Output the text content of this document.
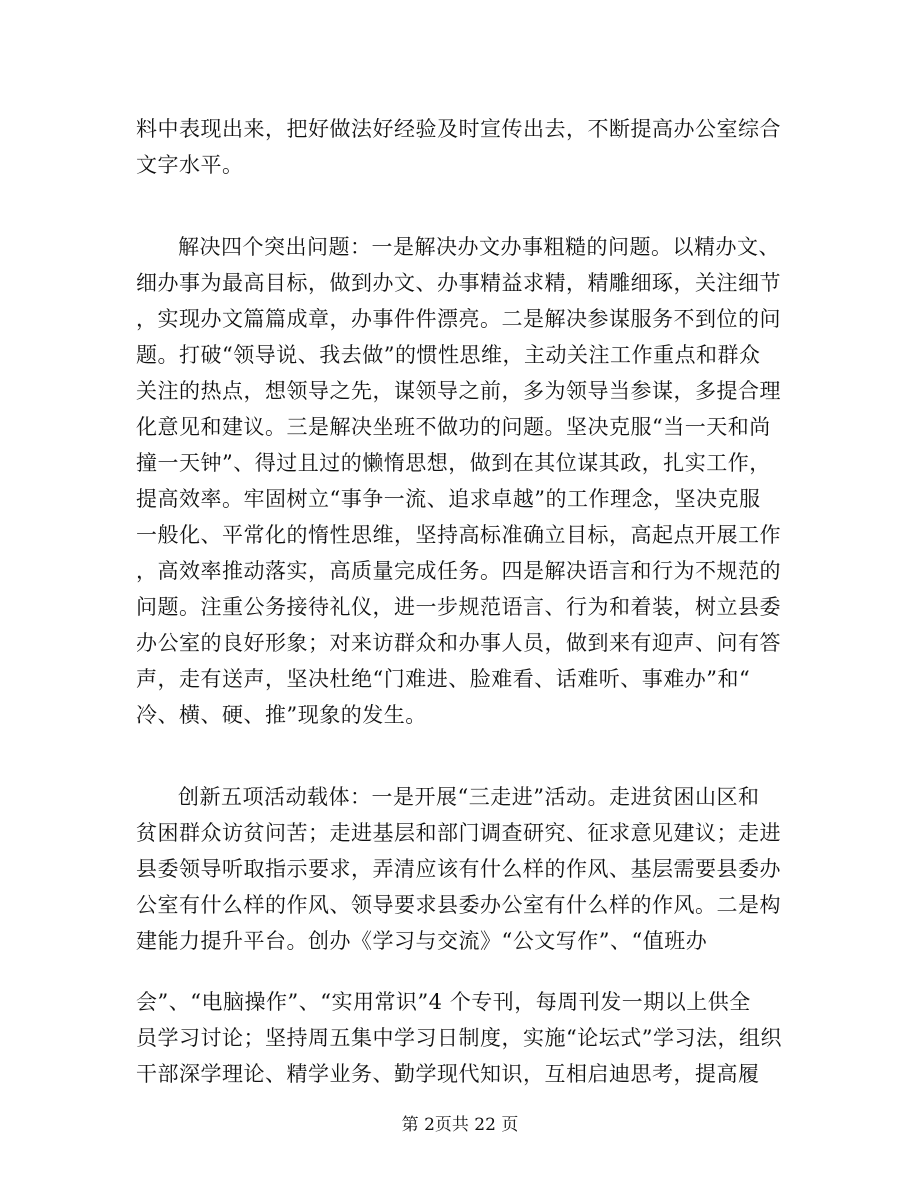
料中表现出来，把好做法好经验及时宣传出去，不断提高办公室综合
文字水平。
解决四个突出问题：一是解决办文办事粗糙的问题。以精办文、
细办事为最高目标，做到办文、办事精益求精，精雕细琢，关注细节
，实现办文篇篇成章，办事件件漂亮。二是解决参谋服务不到位的问
题。打破“领导说、我去做”的惯性思维，主动关注工作重点和群众
关注的热点，想领导之先，谋领导之前，多为领导当参谋，多提合理
化意见和建议。三是解决坐班不做功的问题。坚决克服“当一天和尚
撞一天钟”、得过且过的懒惰思想，做到在其位谋其政，扎实工作，
提高效率。牢固树立“事争一流、追求卓越”的工作理念，坚决克服
一般化、平常化的惰性思维，坚持高标准确立目标，高起点开展工作
，高效率推动落实，高质量完成任务。四是解决语言和行为不规范的
问题。注重公务接待礼仪，进一步规范语言、行为和着装，树立县委
办公室的良好形象；对来访群众和办事人员，做到来有迎声、问有答
声，走有送声，坚决杜绝“门难进、脸难看、话难听、事难办”和“
冷、横、硬、推”现象的发生。
创新五项活动载体：一是开展“三走进”活动。走进贫困山区和
贫困群众访贫问苦；走进基层和部门调查研究、征求意见建议；走进
县委领导听取指示要求，弄清应该有什么样的作风、基层需要县委办
公室有什么样的作风、领导要求县委办公室有什么样的作风。二是构
建能力提升平台。创办《学习与交流》“公文写作”、“值班办
会”、“电脑操作”、“实用常识”4 个专刊，每周刊发一期以上供全
员学习讨论；坚持周五集中学习日制度，实施“论坛式”学习法，组织
干部深学理论、精学业务、勤学现代知识，互相启迪思考，提高履
第 2页共 22 页
